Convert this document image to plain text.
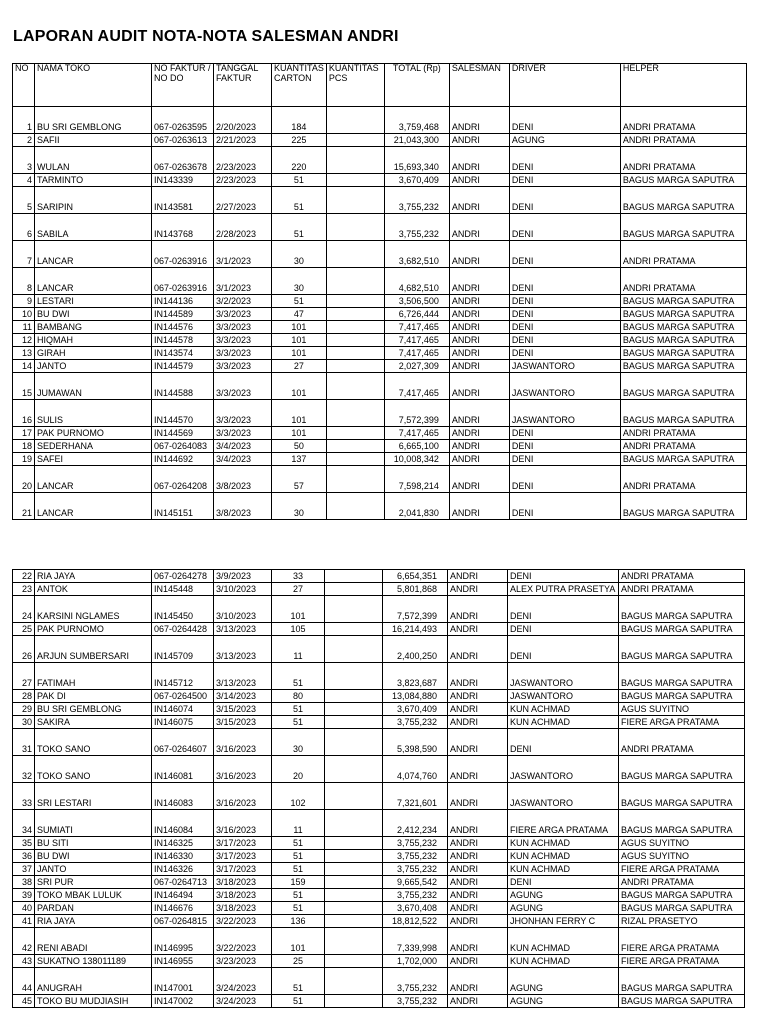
LAPORAN AUDIT NOTA-NOTA SALESMAN ANDRI
NO	NAMA TOKO	NO FAKTUR / NO DO	TANGGAL FAKTUR	KUANTITAS CARTON	KUANTITAS PCS	TOTAL (Rp)	SALESMAN	DRIVER	HELPER
1	BU SRI GEMBLONG	067-0263595	2/20/2023	184		3,759,468	ANDRI	DENI	ANDRI PRATAMA
2	SAFII	067-0263613	2/21/2023	225		21,043,300	ANDRI	AGUNG	ANDRI PRATAMA
3	WULAN	067-0263678	2/23/2023	220		15,693,340	ANDRI	DENI	ANDRI PRATAMA
4	TARMINTO	IN143339	2/23/2023	51		3,670,409	ANDRI	DENI	BAGUS MARGA SAPUTRA
5	SARIPIN	IN143581	2/27/2023	51		3,755,232	ANDRI	DENI	BAGUS MARGA SAPUTRA
6	SABILA	IN143768	2/28/2023	51		3,755,232	ANDRI	DENI	BAGUS MARGA SAPUTRA
7	LANCAR	067-0263916	3/1/2023	30		3,682,510	ANDRI	DENI	ANDRI PRATAMA
8	LANCAR	067-0263916	3/1/2023	30		4,682,510	ANDRI	DENI	ANDRI PRATAMA
9	LESTARI	IN144136	3/2/2023	51		3,506,500	ANDRI	DENI	BAGUS MARGA SAPUTRA
10	BU DWI	IN144589	3/3/2023	47		6,726,444	ANDRI	DENI	BAGUS MARGA SAPUTRA
11	BAMBANG	IN144576	3/3/2023	101		7,417,465	ANDRI	DENI	BAGUS MARGA SAPUTRA
12	HIQMAH	IN144578	3/3/2023	101		7,417,465	ANDRI	DENI	BAGUS MARGA SAPUTRA
13	GIRAH	IN143574	3/3/2023	101		7,417,465	ANDRI	DENI	BAGUS MARGA SAPUTRA
14	JANTO	IN144579	3/3/2023	27		2,027,309	ANDRI	JASWANTORO	BAGUS MARGA SAPUTRA
15	JUMAWAN	IN144588	3/3/2023	101		7,417,465	ANDRI	JASWANTORO	BAGUS MARGA SAPUTRA
16	SULIS	IN144570	3/3/2023	101		7,572,399	ANDRI	JASWANTORO	BAGUS MARGA SAPUTRA
17	PAK PURNOMO	IN144569	3/3/2023	101		7,417,465	ANDRI	DENI	ANDRI PRATAMA
18	SEDERHANA	067-0264083	3/4/2023	50		6,665,100	ANDRI	DENI	ANDRI PRATAMA
19	SAFEI	IN144692	3/4/2023	137		10,008,342	ANDRI	DENI	BAGUS MARGA SAPUTRA
20	LANCAR	067-0264208	3/8/2023	57		7,598,214	ANDRI	DENI	ANDRI PRATAMA
21	LANCAR	IN145151	3/8/2023	30		2,041,830	ANDRI	DENI	BAGUS MARGA SAPUTRA
22	RIA JAYA	067-0264278	3/9/2023	33		6,654,351	ANDRI	DENI	ANDRI PRATAMA
23	ANTOK	IN145448	3/10/2023	27		5,801,868	ANDRI	ALEX PUTRA PRASETYA	ANDRI PRATAMA
24	KARSINI NGLAMES	IN145450	3/10/2023	101		7,572,399	ANDRI	DENI	BAGUS MARGA SAPUTRA
25	PAK PURNOMO	067-0264428	3/13/2023	105		16,214,493	ANDRI	DENI	BAGUS MARGA SAPUTRA
26	ARJUN SUMBERSARI	IN145709	3/13/2023	11		2,400,250	ANDRI	DENI	BAGUS MARGA SAPUTRA
27	FATIMAH	IN145712	3/13/2023	51		3,823,687	ANDRI	JASWANTORO	BAGUS MARGA SAPUTRA
28	PAK DI	067-0264500	3/14/2023	80		13,084,880	ANDRI	JASWANTORO	BAGUS MARGA SAPUTRA
29	BU SRI GEMBLONG	IN146074	3/15/2023	51		3,670,409	ANDRI	KUN ACHMAD	AGUS SUYITNO
30	SAKIRA	IN146075	3/15/2023	51		3,755,232	ANDRI	KUN ACHMAD	FIERE ARGA PRATAMA
31	TOKO SANO	067-0264607	3/16/2023	30		5,398,590	ANDRI	DENI	ANDRI PRATAMA
32	TOKO SANO	IN146081	3/16/2023	20		4,074,760	ANDRI	JASWANTORO	BAGUS MARGA SAPUTRA
33	SRI LESTARI	IN146083	3/16/2023	102		7,321,601	ANDRI	JASWANTORO	BAGUS MARGA SAPUTRA
34	SUMIATI	IN146084	3/16/2023	11		2,412,234	ANDRI	FIERE ARGA PRATAMA	BAGUS MARGA SAPUTRA
35	BU SITI	IN146325	3/17/2023	51		3,755,232	ANDRI	KUN ACHMAD	AGUS SUYITNO
36	BU DWI	IN146330	3/17/2023	51		3,755,232	ANDRI	KUN ACHMAD	AGUS SUYITNO
37	JANTO	IN146326	3/17/2023	51		3,755,232	ANDRI	KUN ACHMAD	FIERE ARGA PRATAMA
38	SRI PUR	067-0264713	3/18/2023	159		9,665,542	ANDRI	DENI	ANDRI PRATAMA
39	TOKO MBAK LULUK	IN146494	3/18/2023	51		3,755,232	ANDRI	AGUNG	BAGUS MARGA SAPUTRA
40	PARDAN	IN146676	3/18/2023	51		3,670,408	ANDRI	AGUNG	BAGUS MARGA SAPUTRA
41	RIA JAYA	067-0264815	3/22/2023	136		18,812,522	ANDRI	JHONHAN FERRY C	RIZAL PRASETYO
42	RENI ABADI	IN146995	3/22/2023	101		7,339,998	ANDRI	KUN ACHMAD	FIERE ARGA PRATAMA
43	SUKATNO 138011189	IN146955	3/23/2023	25		1,702,000	ANDRI	KUN ACHMAD	FIERE ARGA PRATAMA
44	ANUGRAH	IN147001	3/24/2023	51		3,755,232	ANDRI	AGUNG	BAGUS MARGA SAPUTRA
45	TOKO BU MUDJIASIH	IN147002	3/24/2023	51		3,755,232	ANDRI	AGUNG	BAGUS MARGA SAPUTRA
